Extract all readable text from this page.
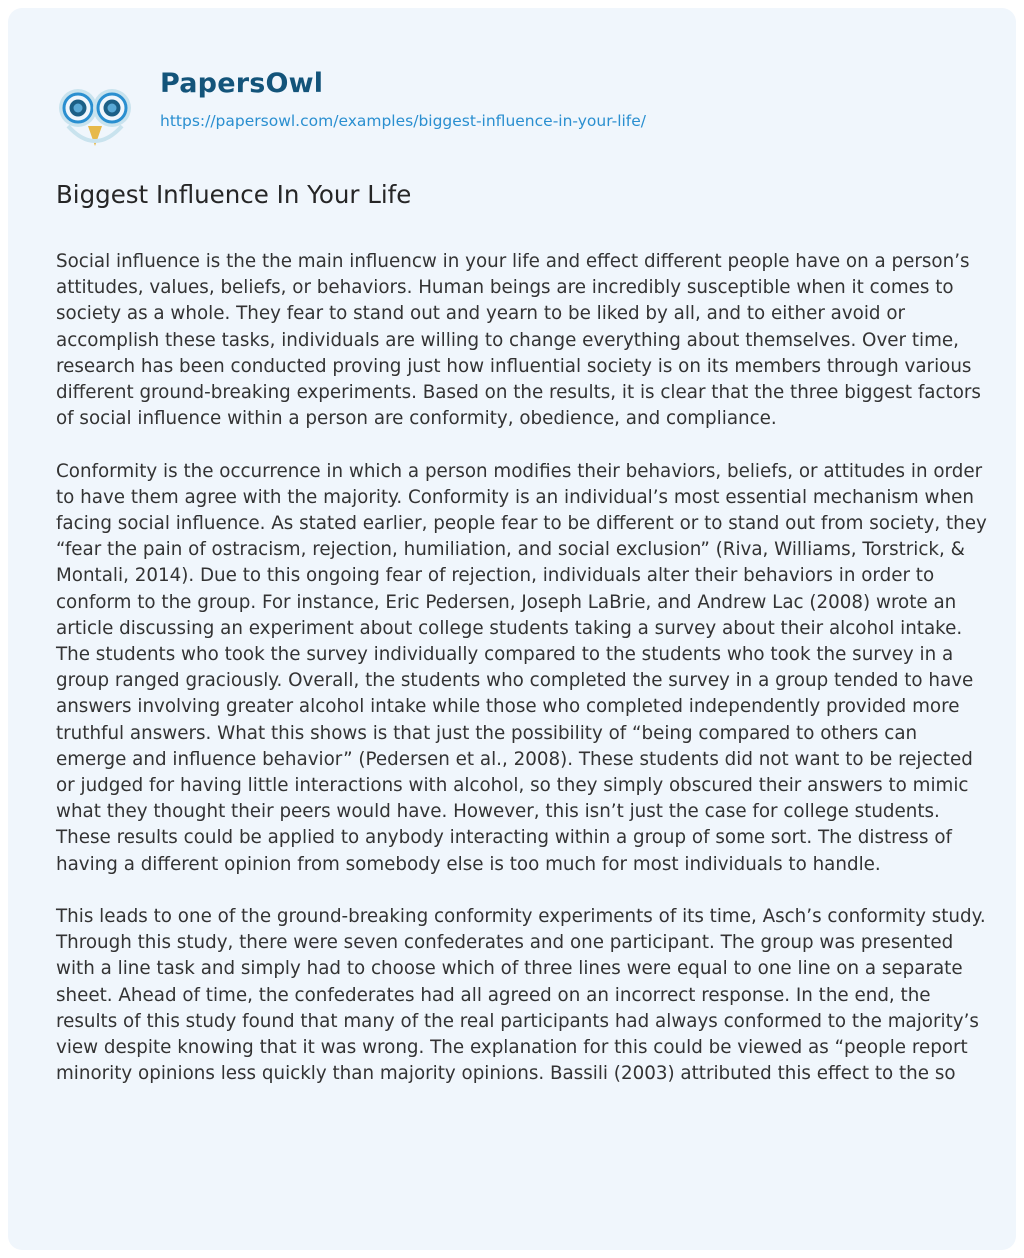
PapersOwl
https://papersowl.com/examples/biggest-influence-in-your-life/
Biggest Influence In Your Life

Social influence is the the main influencw in your life and effect different people have on a person’s attitudes, values, beliefs, or behaviors. Human beings are incredibly susceptible when it comes to society as a whole. They fear to stand out and yearn to be liked by all, and to either avoid or accomplish these tasks, individuals are willing to change everything about themselves. Over time, research has been conducted proving just how influential society is on its members through various different ground-breaking experiments. Based on the results, it is clear that the three biggest factors of social influence within a person are conformity, obedience, and compliance.

Conformity is the occurrence in which a person modifies their behaviors, beliefs, or attitudes in order to have them agree with the majority. Conformity is an individual’s most essential mechanism when facing social influence. As stated earlier, people fear to be different or to stand out from society, they “fear the pain of ostracism, rejection, humiliation, and social exclusion” (Riva, Williams, Torstrick, & Montali, 2014). Due to this ongoing fear of rejection, individuals alter their behaviors in order to conform to the group. For instance, Eric Pedersen, Joseph LaBrie, and Andrew Lac (2008) wrote an article discussing an experiment about college students taking a survey about their alcohol intake. The students who took the survey individually compared to the students who took the survey in a group ranged graciously. Overall, the students who completed the survey in a group tended to have answers involving greater alcohol intake while those who completed independently provided more truthful answers. What this shows is that just the possibility of “being compared to others can emerge and influence behavior” (Pedersen et al., 2008). These students did not want to be rejected or judged for having little interactions with alcohol, so they simply obscured their answers to mimic what they thought their peers would have. However, this isn’t just the case for college students. These results could be applied to anybody interacting within a group of some sort. The distress of having a different opinion from somebody else is too much for most individuals to handle.

This leads to one of the ground-breaking conformity experiments of its time, Asch’s conformity study. Through this study, there were seven confederates and one participant. The group was presented with a line task and simply had to choose which of three lines were equal to one line on a separate sheet. Ahead of time, the confederates had all agreed on an incorrect response. In the end, the results of this study found that many of the real participants had always conformed to the majority’s view despite knowing that it was wrong. The explanation for this could be viewed as “people report minority opinions less quickly than majority opinions. Bassili (2003) attributed this effect to the so
